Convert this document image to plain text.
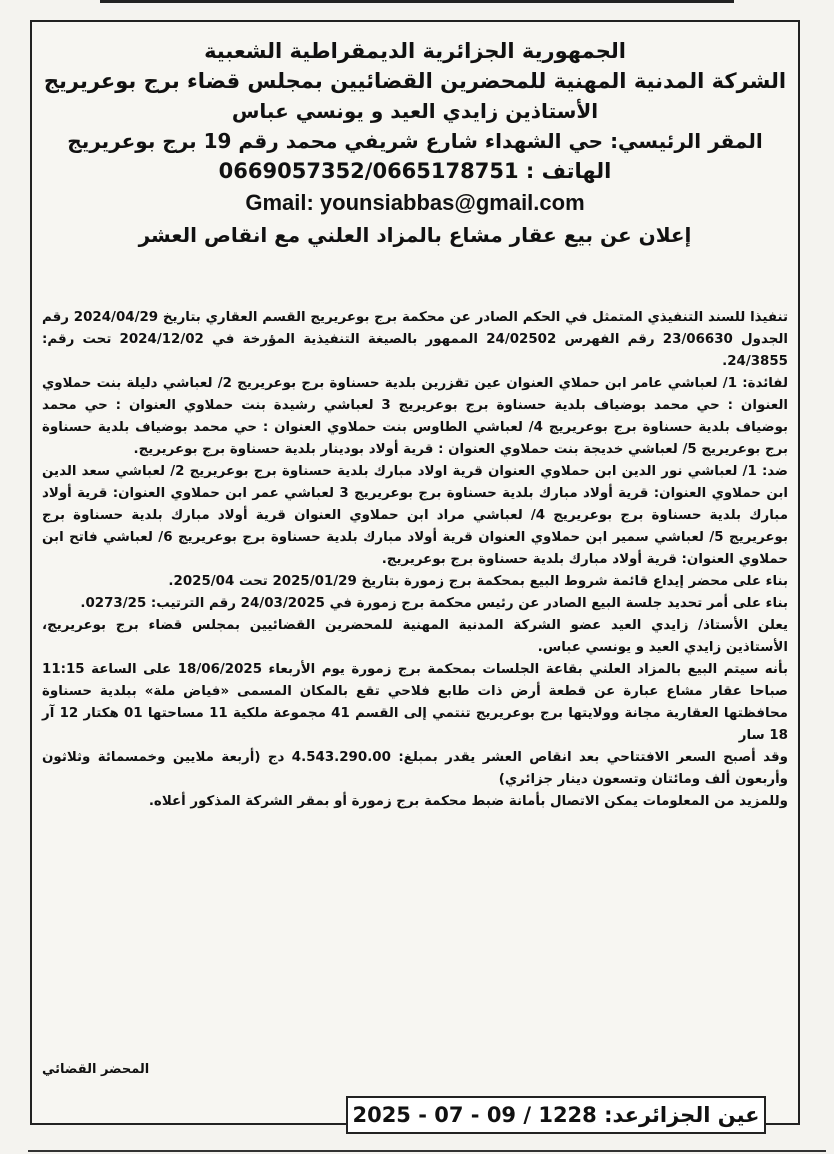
الجمهورية الجزائرية الديمقراطية الشعبية
الشركة المدنية المهنية للمحضرين القضائيين بمجلس قضاء برج بوعريريج
الأستاذين زايدي العيد و يونسي عباس
المقر الرئيسي: حي الشهداء شارع شريفي محمد رقم 19 برج بوعريريج
الهاتف : 0669057352/0665178751
Gmail: younsiabbas@gmail.com
إعلان عن بيع عقار مشاع بالمزاد العلني مع انقاص العشر

تنفيذا للسند التنفيذي المتمثل في الحكم الصادر عن محكمة برج بوعريريج القسم العقاري بتاريخ 2024/04/29 رقم الجدول 23/06630 رقم الفهرس 24/02502 الممهور بالصيغة التنفيذية المؤرخة في 2024/12/02 تحت رقم: 24/3855.

لفائدة: 1/ لعباشي عامر ابن حملاي العنوان عين تقزرين بلدية حسناوة برج بوعريريج 2/ لعباشي دليلة بنت حملاوي العنوان : حي محمد بوضياف بلدية حسناوة برج بوعريريج 3 لعباشي رشيدة بنت حملاوي العنوان : حي محمد بوضياف بلدية حسناوة برج بوعريريج 4/ لعباشي الطاوس بنت حملاوي العنوان : حي محمد بوضياف بلدية حسناوة برج بوعريريج 5/ لعباشي خديجة بنت حملاوي العنوان : قرية أولاد بودينار بلدية حسناوة برج بوعريريج.

ضد: 1/ لعباشي نور الدين ابن حملاوي العنوان قرية اولاد مبارك بلدية حسناوة برج بوعريريج 2/ لعباشي سعد الدين ابن حملاوي العنوان: قرية أولاد مبارك بلدية حسناوة برج بوعريريج 3 لعباشي عمر ابن حملاوي العنوان: قرية أولاد مبارك بلدية حسناوة برج بوعريريج 4/ لعباشي مراد ابن حملاوي العنوان قرية أولاد مبارك بلدية حسناوة برج بوعريريج 5/ لعباشي سمير ابن حملاوي العنوان قرية أولاد مبارك بلدية حسناوة برج بوعريريج 6/ لعباشي فاتح ابن حملاوي العنوان: قرية أولاد مبارك بلدية حسناوة برج بوعريريج.

بناء على محضر إيداع قائمة شروط البيع بمحكمة برج زمورة بتاريخ 2025/01/29 تحت 2025/04.

بناء على أمر تحديد جلسة البيع الصادر عن رئيس محكمة برج زمورة في 24/03/2025 رقم الترتيب: 0273/25.

يعلن الأستاذ/ زايدي العيد عضو الشركة المدنية المهنية للمحضرين القضائيين بمجلس قضاء برج بوعريريج، الأستاذين زايدي العيد و يونسي عباس.

بأنه سيتم البيع بالمزاد العلني بقاعة الجلسات بمحكمة برج زمورة يوم الأربعاء 18/06/2025 على الساعة 11:15 صباحا عقار مشاع عبارة عن قطعة أرض ذات طابع فلاحي تقع بالمكان المسمى «فياض ملة» ببلدية حسناوة محافظتها العقارية مجانة وولايتها برج بوعريريج تنتمي إلى القسم 41 مجموعة ملكية 11 مساحتها 01 هكتار 12 آر 18 سار

وقد أصبح السعر الافتتاحي بعد انقاص العشر يقدر بمبلغ: 4.543.290.00 دج (أربعة ملايين وخمسمائة وثلاثون وأربعون ألف ومائتان وتسعون دينار جزائري)

وللمزيد من المعلومات يمكن الاتصال بأمانة ضبط محكمة برج زمورة أو بمقر الشركة المذكور أعلاه.

المحضر القضائي
عين الجزائرعد: 2025 - 07 - 09 / 1228
